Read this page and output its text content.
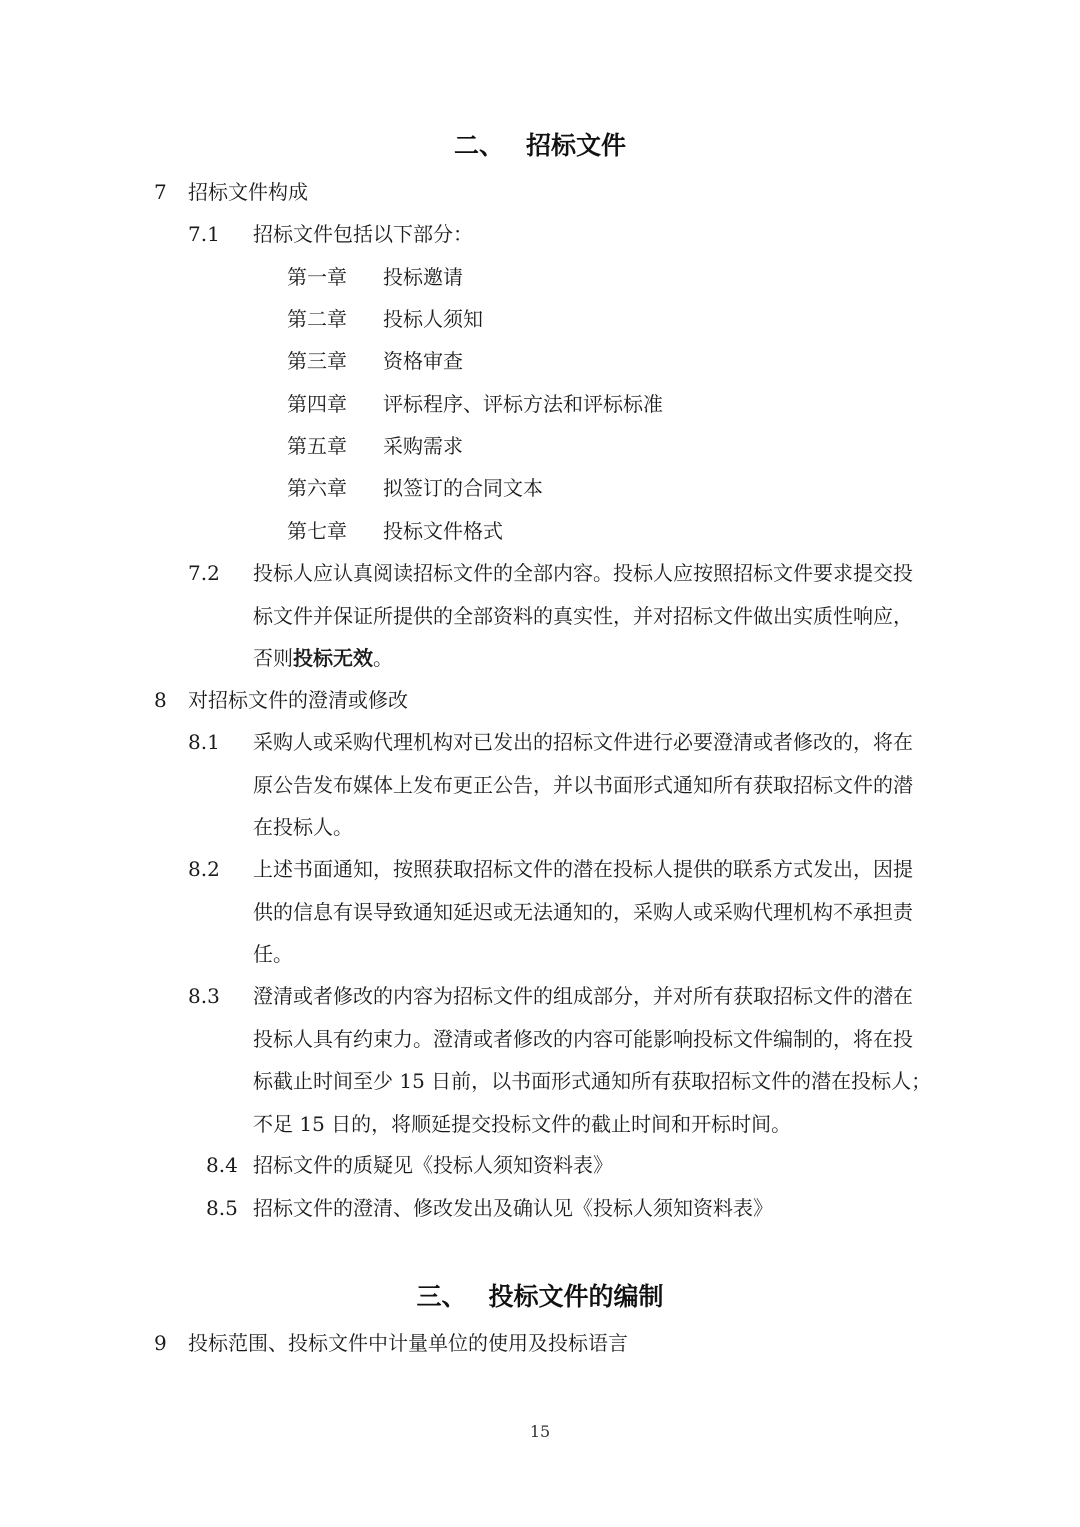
二、 招标文件
7 招标文件构成
7.1 招标文件包括以下部分：
第一章 投标邀请
第二章 投标人须知
第三章 资格审查
第四章 评标程序、评标方法和评标标准
第五章 采购需求
第六章 拟签订的合同文本
第七章 投标文件格式
7.2 投标人应认真阅读招标文件的全部内容。投标人应按照招标文件要求提交投
标文件并保证所提供的全部资料的真实性，并对招标文件做出实质性响应，
否则投标无效。
8 对招标文件的澄清或修改
8.1 采购人或采购代理机构对已发出的招标文件进行必要澄清或者修改的，将在
原公告发布媒体上发布更正公告，并以书面形式通知所有获取招标文件的潜
在投标人。
8.2 上述书面通知，按照获取招标文件的潜在投标人提供的联系方式发出，因提
供的信息有误导致通知延迟或无法通知的，采购人或采购代理机构不承担责
任。
8.3 澄清或者修改的内容为招标文件的组成部分，并对所有获取招标文件的潜在
投标人具有约束力。澄清或者修改的内容可能影响投标文件编制的，将在投
标截止时间至少 15 日前，以书面形式通知所有获取招标文件的潜在投标人；
不足 15 日的，将顺延提交投标文件的截止时间和开标时间。
8.4 招标文件的质疑见《投标人须知资料表》
8.5 招标文件的澄清、修改发出及确认见《投标人须知资料表》
三、 投标文件的编制
9 投标范围、投标文件中计量单位的使用及投标语言
15
